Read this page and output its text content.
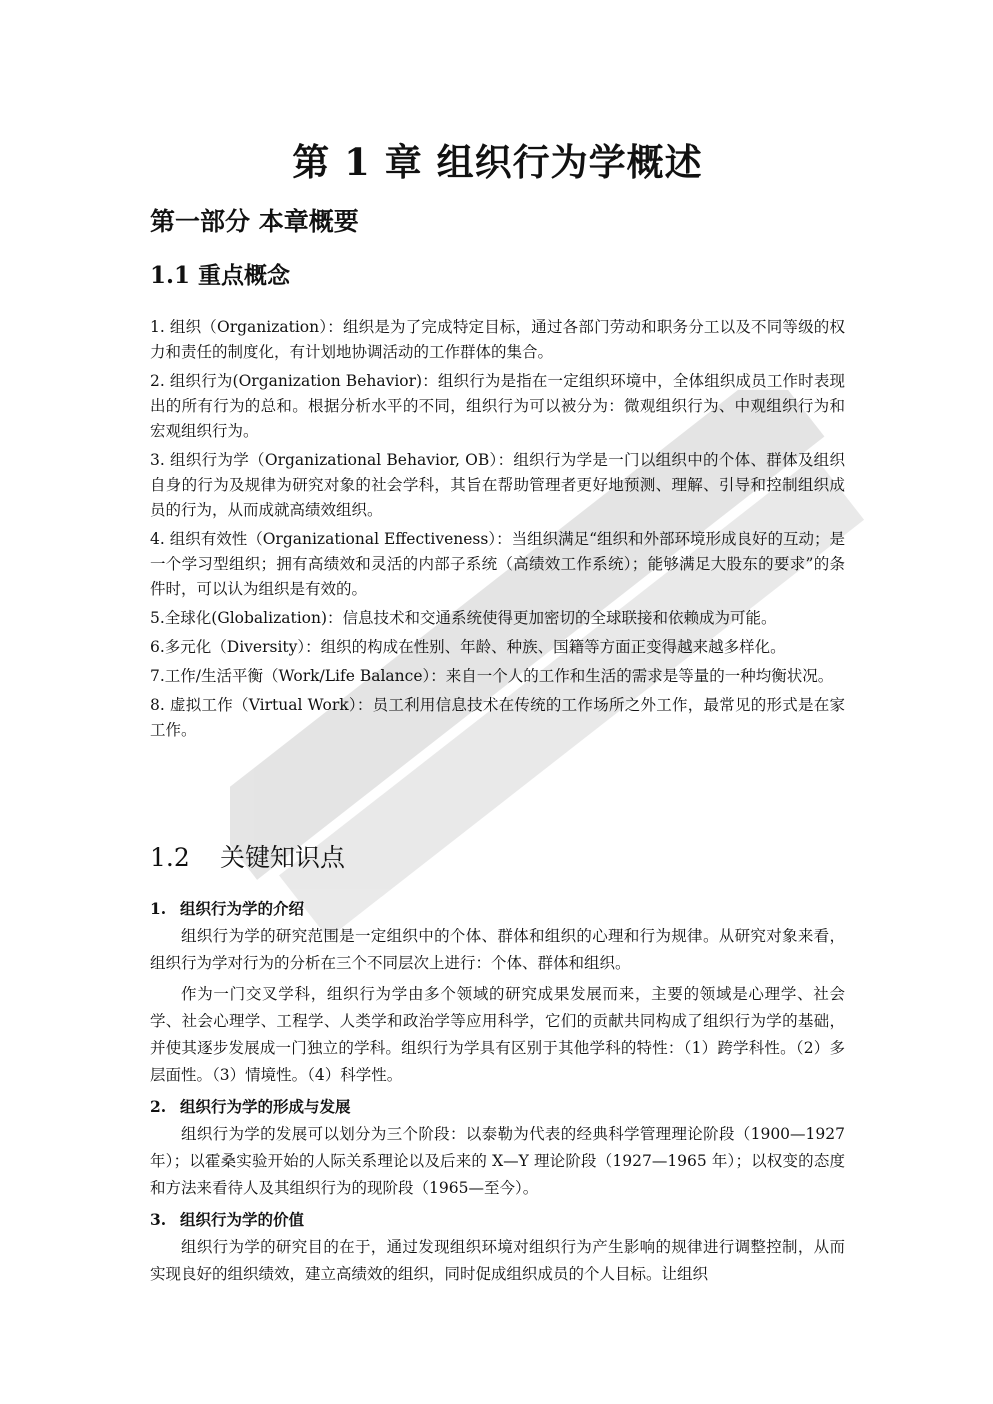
第 1 章 组织行为学概述
第一部分 本章概要
1.1 重点概念

1. 组织（Organization）：组织是为了完成特定目标，通过各部门劳动和职务分工以及不同等级的权力和责任的制度化，有计划地协调活动的工作群体的集合。

2. 组织行为(Organization Behavior)：组织行为是指在一定组织环境中，全体组织成员工作时表现出的所有行为的总和。根据分析水平的不同，组织行为可以被分为：微观组织行为、中观组织行为和宏观组织行为。

3. 组织行为学（Organizational Behavior, OB）：组织行为学是一门以组织中的个体、群体及组织自身的行为及规律为研究对象的社会学科，其旨在帮助管理者更好地预测、理解、引导和控制组织成员的行为，从而成就高绩效组织。

4. 组织有效性（Organizational Effectiveness）：当组织满足“组织和外部环境形成良好的互动；是一个学习型组织；拥有高绩效和灵活的内部子系统（高绩效工作系统）；能够满足大股东的要求”的条件时，可以认为组织是有效的。

5.全球化(Globalization)：信息技术和交通系统使得更加密切的全球联接和依赖成为可能。

6.多元化（Diversity）：组织的构成在性别、年龄、种族、国籍等方面正变得越来越多样化。

7.工作/生活平衡（Work/Life Balance）：来自一个人的工作和生活的需求是等量的一种均衡状况。

8. 虚拟工作（Virtual Work）：员工利用信息技术在传统的工作场所之外工作，最常见的形式是在家工作。

1.2 关键知识点

1. 组织行为学的介绍

组织行为学的研究范围是一定组织中的个体、群体和组织的心理和行为规律。从研究对象来看，组织行为学对行为的分析在三个不同层次上进行：个体、群体和组织。

作为一门交叉学科，组织行为学由多个领域的研究成果发展而来，主要的领域是心理学、社会学、社会心理学、工程学、人类学和政治学等应用科学，它们的贡献共同构成了组织行为学的基础，并使其逐步发展成一门独立的学科。组织行为学具有区别于其他学科的特性：（1）跨学科性。（2）多层面性。（3）情境性。（4）科学性。

2. 组织行为学的形成与发展

组织行为学的发展可以划分为三个阶段：以泰勒为代表的经典科学管理理论阶段（1900—1927 年）；以霍桑实验开始的人际关系理论以及后来的 X—Y 理论阶段（1927—1965 年）；以权变的态度和方法来看待人及其组织行为的现阶段（1965—至今）。

3. 组织行为学的价值

组织行为学的研究目的在于，通过发现组织环境对组织行为产生影响的规律进行调整控制，从而实现良好的组织绩效，建立高绩效的组织，同时促成组织成员的个人目标。让组织
